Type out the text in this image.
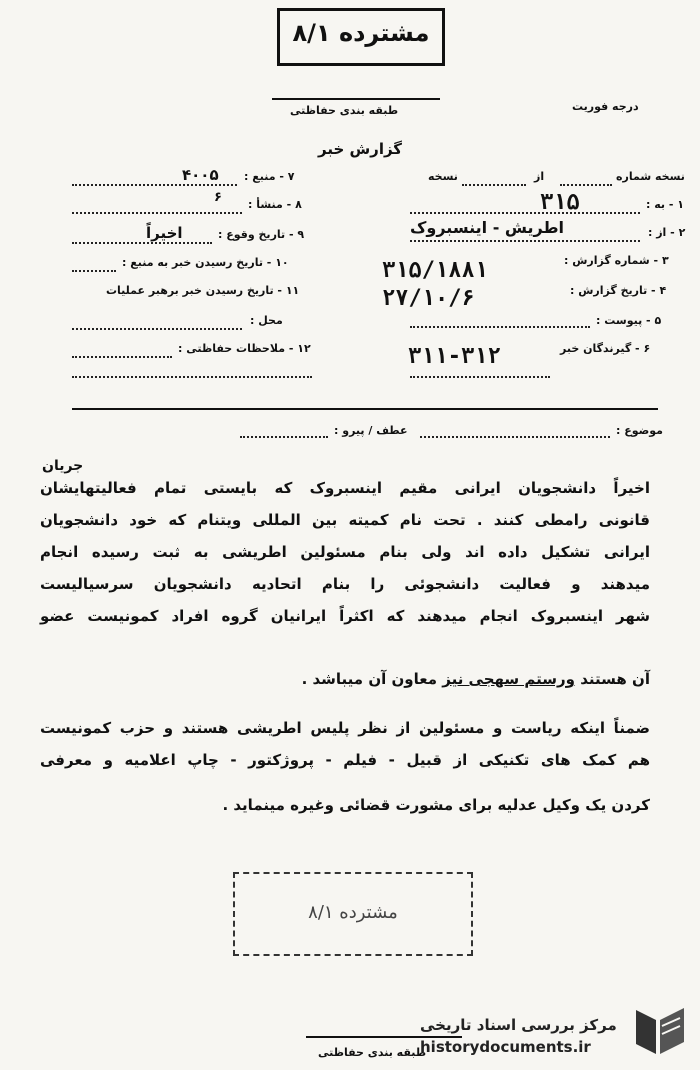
مشترده ۸/۱
طبقه بندی حفاظتی	درجه فوریت
گزارش خبر
۷ - منبع :
۴۰۰۵
۸ - منشأ :
۶
۹ - تاریخ وقوع :
اخیراً
۱۰ - تاریخ رسیدن خبر به منبع :
۱۱ - تاریخ رسیدن خبر برهبر عملیات
محل :
۱۲ - ملاحظات حفاظتی :
نسخه شماره
از
نسخه
۱ - به :
۳۱۵
۲ - از :
اطریش - اینسبروک
۳ - شماره گزارش :
۳۱۵/۱۸۸۱
۴ - تاریخ گزارش :
۲۷/۱۰/۶
۵ - پیوست :
۶ - گیرندگان خبر
۳۱۱-۳۱۲
موضوع :
عطف / پیرو :
جریان
اخیراً دانشجویان ایرانی مقیم اینسبروک که بایستی تمام فعالیتهایشان
قانونی رامطی کنند . تحت نام کمیته بین المللی ویتنام که خود دانشجویان
ایرانی تشکیل داده اند ولی بنام مسئولین اطریشی به ثبت رسیده انجام
میدهند و فعالیت دانشجوئی را بنام اتحادیه دانشجویان سرسیالیست
شهر اینسبروک انجام میدهند که اکثراً ایرانیان گروه افراد کمونیست عضو
آن هستند ورستم سهجی نیز معاون آن میباشد .
ضمناً اینکه ریاست و مسئولین از نظر پلیس اطریشی هستند و حزب کمونیست
هم کمک های تکنیکی از قبیل - فیلم - پروژکتور - چاپ اعلامیه و معرفی
کردن یک وکیل عدلیه برای مشورت قضائی وغیره مینماید .
مشترده ۸/۱
طبقه بندی حفاظتی
مرکز بررسی اسناد تاریخی
historydocuments.ir
